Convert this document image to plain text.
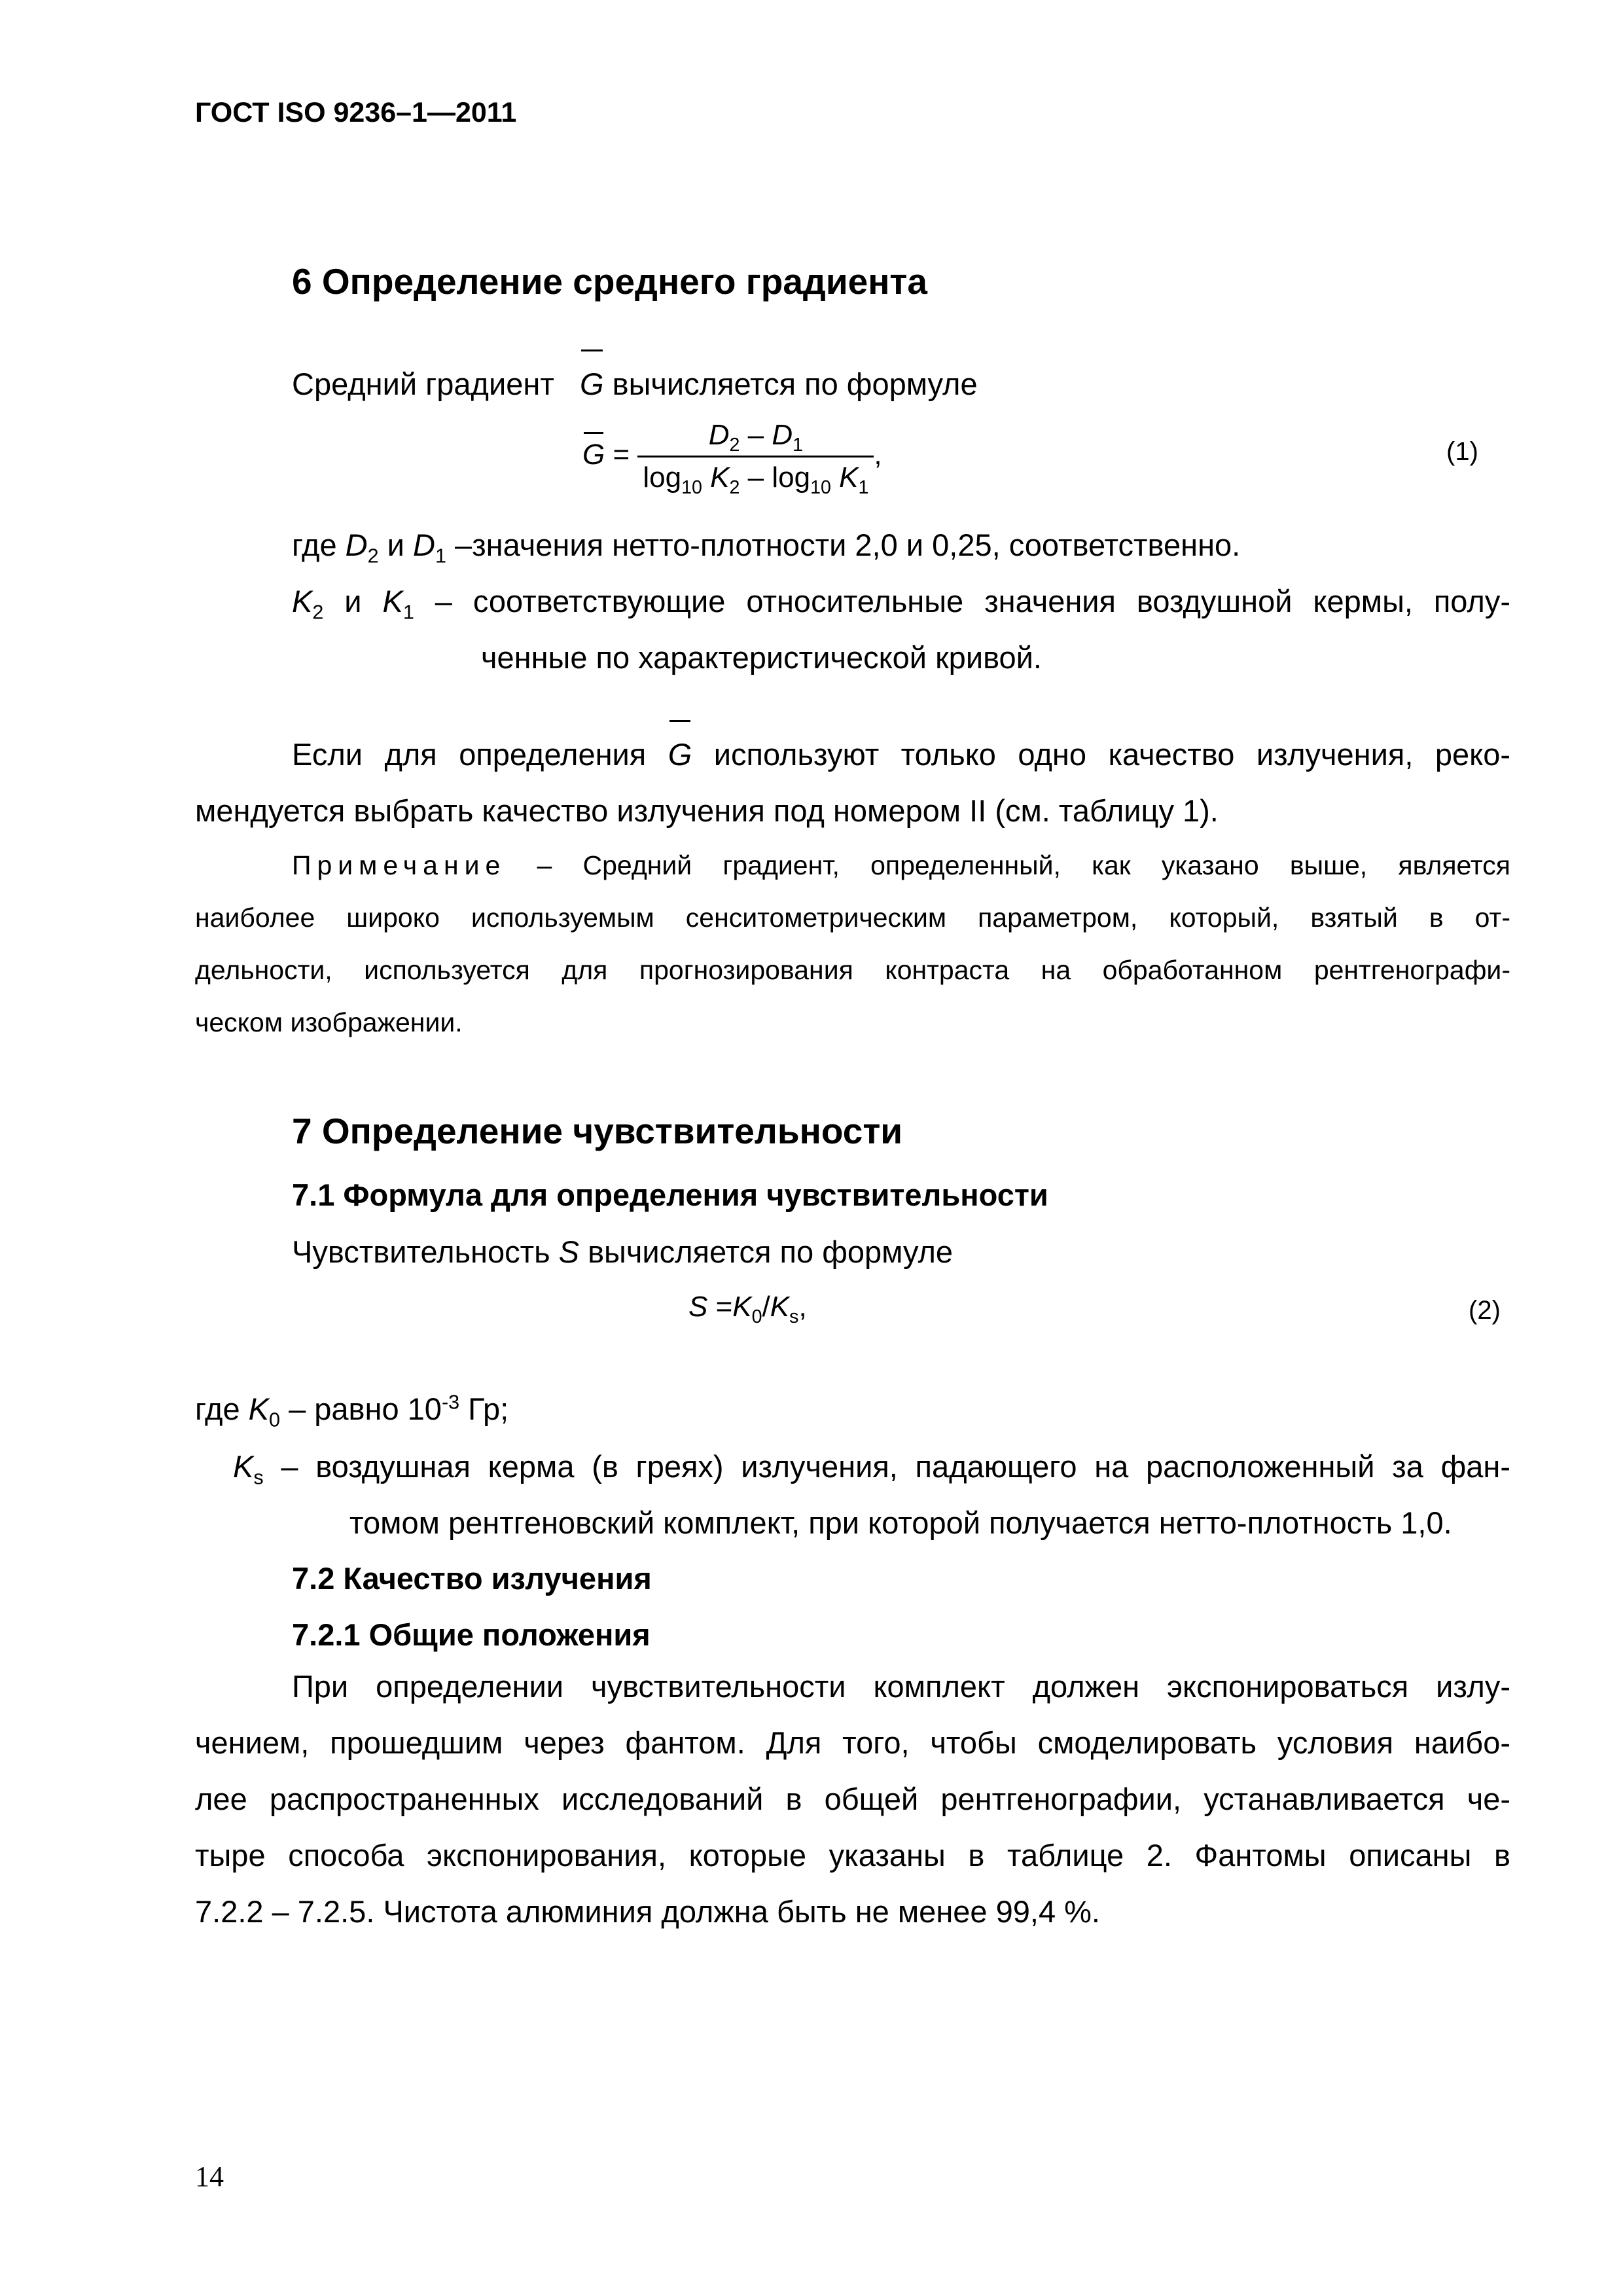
ГОСТ ISO 9236–1—2011
6 Определение среднего градиента
Средний градиент G вычисляется по формуле
$G = \frac{D_2 - D_1}{\log_{10} K_2 - \log_{10} K_1}$ ,	(1)
где $D_2$ и $D_1$ –значения нетто-плотности 2,0 и 0,25, соответственно.
$K_2$ и $K_1$ – соответствующие относительные значения воздушной кермы, полу-
ченные по характеристической кривой.
Если для определения G используют только одно качество излучения, реко-
мендуется выбрать качество излучения под номером II (см. таблицу 1).
Примечание – Средний градиент, определенный, как указано выше, является
наиболее широко используемым сенситометрическим параметром, который, взятый в от-
дельности, используется для прогнозирования контраста на обработанном рентгенографи-
ческом изображении.
7 Определение чувствительности
7.1 Формула для определения чувствительности
Чувствительность S вычисляется по формуле
$S =K_0/K_s$,	(2)
где $K_0$ – равно $10^{-3}$ Гр;
$K_s$ – воздушная керма (в греях) излучения, падающего на расположенный за фан-
томом рентгеновский комплект, при которой получается нетто-плотность 1,0.
7.2 Качество излучения
7.2.1 Общие положения
При определении чувствительности комплект должен экспонироваться излу-
чением, прошедшим через фантом. Для того, чтобы смоделировать условия наибо-
лее распространенных исследований в общей рентгенографии, устанавливается че-
тыре способа экспонирования, которые указаны в таблице 2. Фантомы описаны в
7.2.2 – 7.2.5. Чистота алюминия должна быть не менее 99,4 %.
14
